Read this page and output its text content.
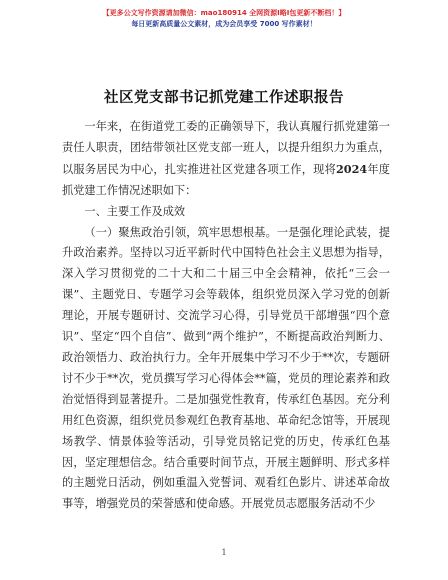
【更多公文写作资源请加微信：mao180914 全网资源I略I包更新不断档！】
每日更新高质量公文素材，成为会员享受 7000 写作素材！
社区党支部书记抓党建工作述职报告

一年来，在街道党工委的正确领导下，我认真履行抓党建第一责任人职责，团结带领社区党支部一班人，以提升组织力为重点，以服务居民为中心，扎实推进社区党建各项工作，现将2024年度抓党建工作情况述职如下：

一、主要工作及成效

（一）聚焦政治引领，筑牢思想根基。一是强化理论武装，提升政治素养。坚持以习近平新时代中国特色社会主义思想为指导，深入学习贯彻党的二十大和二十届三中全会精神，依托“三会一课”、主题党日、专题学习会等载体，组织党员深入学习党的创新理论，开展专题研讨、交流学习心得，引导党员干部增强“四个意识”、坚定“四个自信”、做到“两个维护”，不断提高政治判断力、政治领悟力、政治执行力。全年开展集中学习不少于**次，专题研讨不少于**次，党员撰写学习心得体会**篇，党员的理论素养和政治觉悟得到显著提升。二是加强党性教育，传承红色基因。充分利用红色资源，组织党员参观红色教育基地、革命纪念馆等，开展现场教学、情景体验等活动，引导党员铭记党的历史，传承红色基因，坚定理想信念。结合重要时间节点，开展主题鲜明、形式多样的主题党日活动，例如重温入党誓词、观看红色影片、讲述革命故事等，增强党员的荣誉感和使命感。开展党员志愿服务活动不少

1
